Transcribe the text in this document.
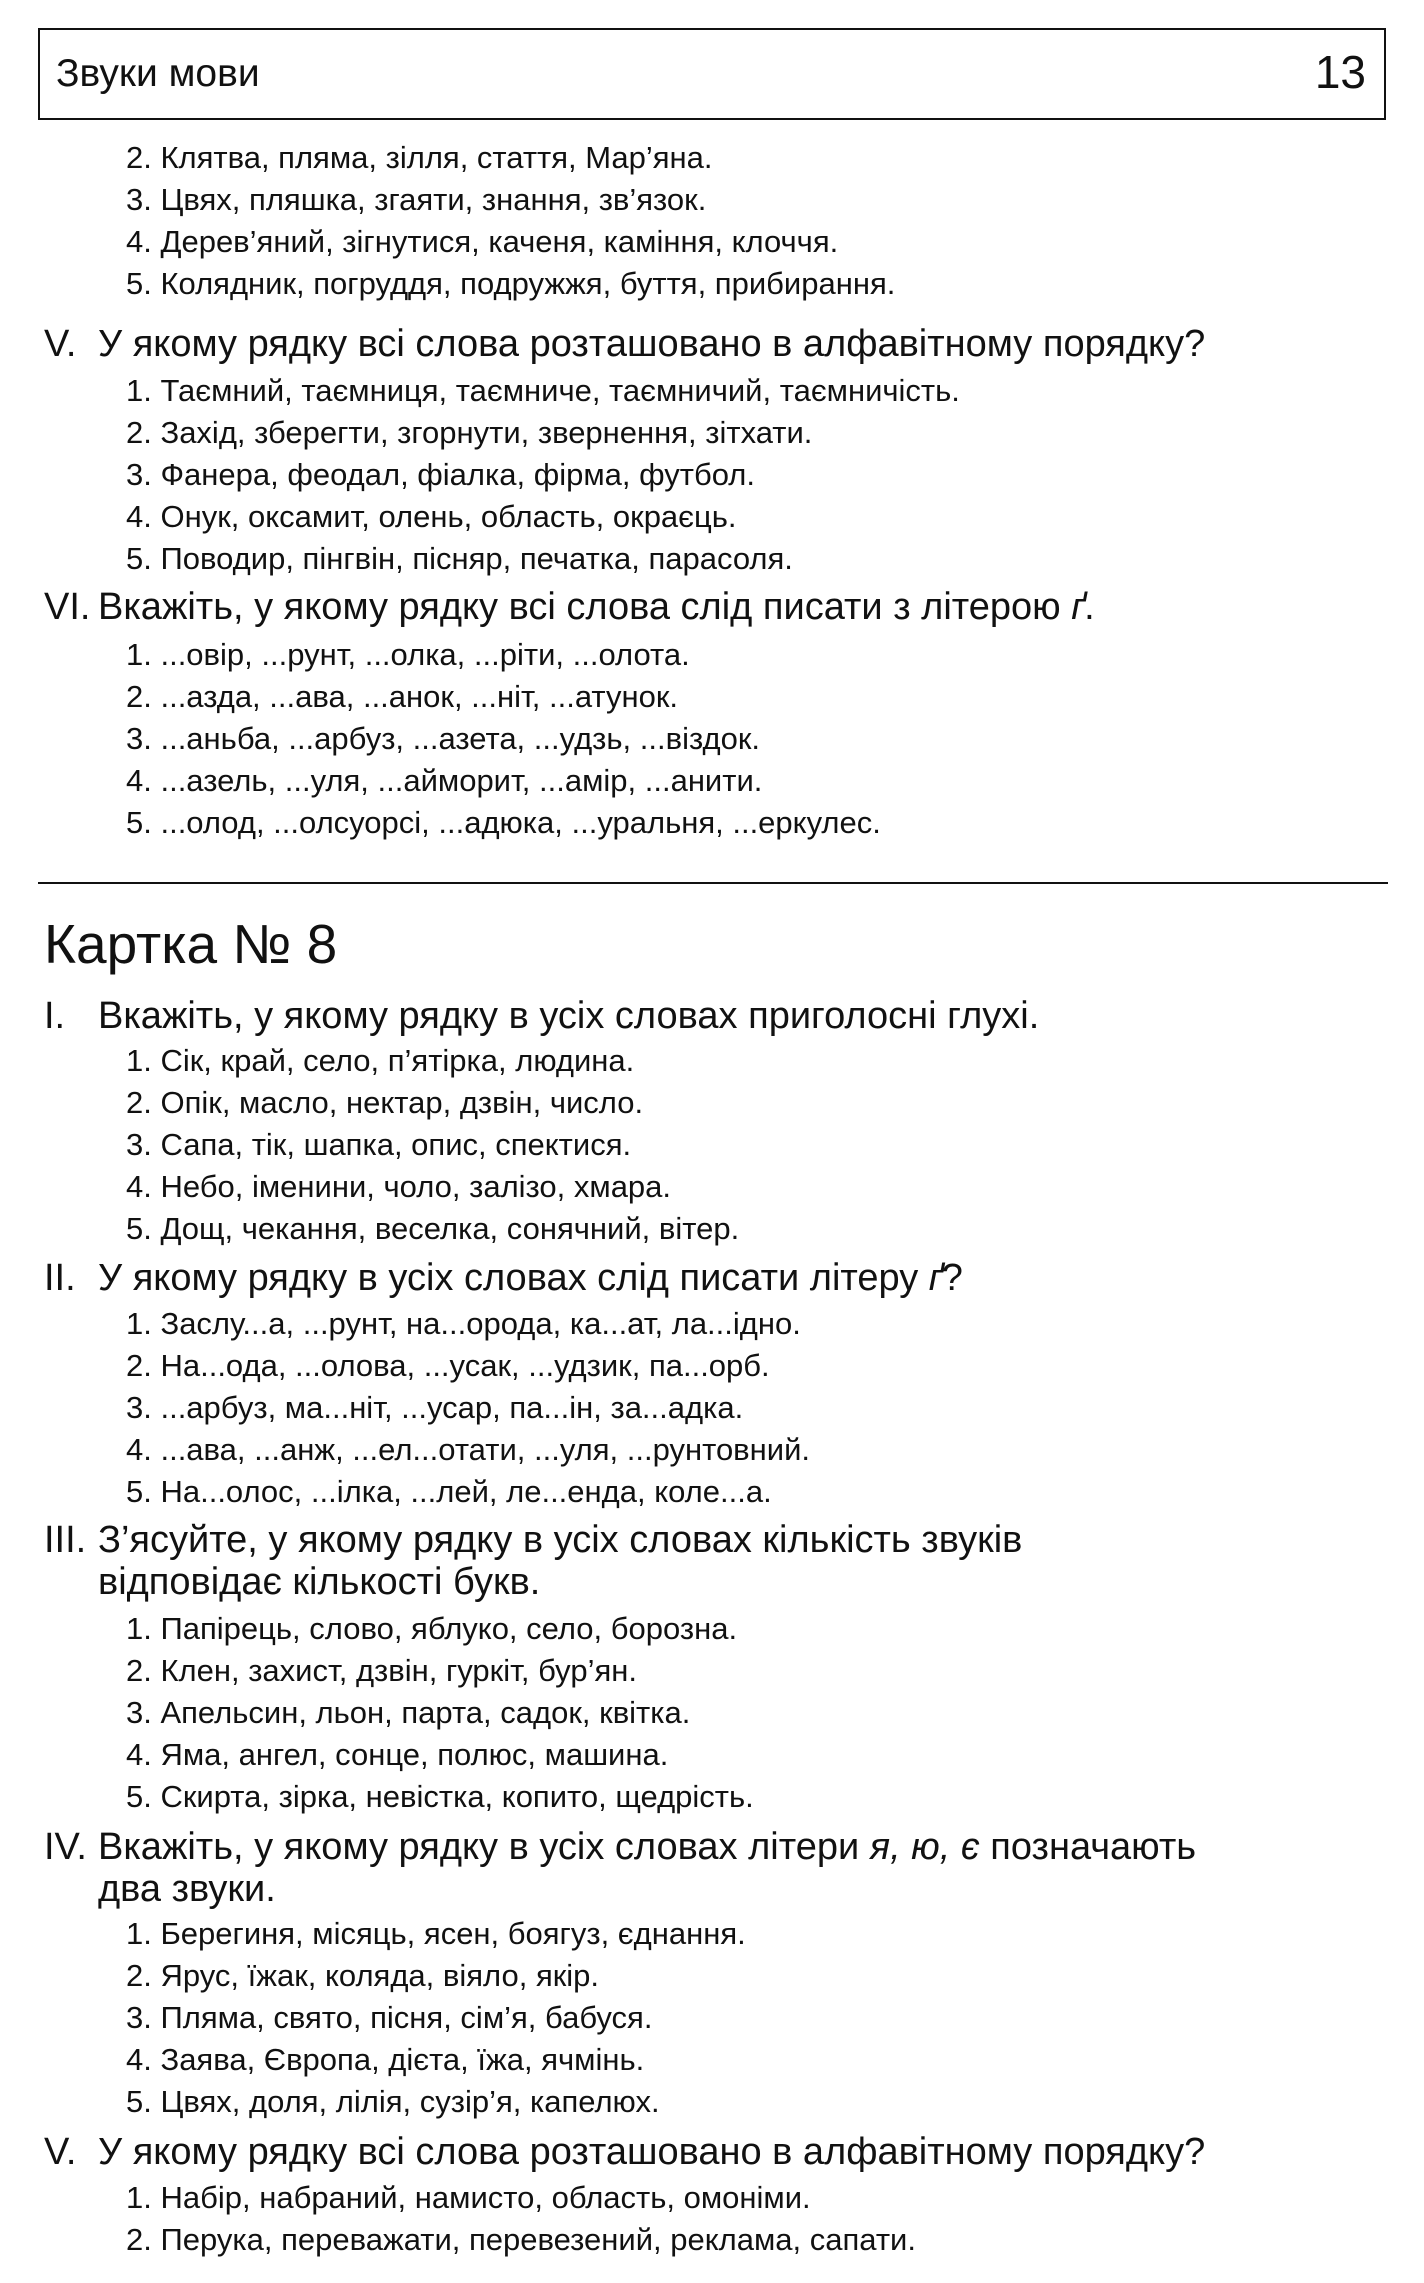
Звуки мови	13
2. Клятва, пляма, зілля, стаття, Мар’яна.
3. Цвях, пляшка, згаяти, знання, зв’язок.
4. Дерев’яний, зігнутися, каченя, каміння, клоччя.
5. Колядник, погруддя, подружжя, буття, прибирання.
V. У якому рядку всі слова розташовано в алфавітному порядку?
1. Таємний, таємниця, таємниче, таємничий, таємничість.
2. Захід, зберегти, згорнути, звернення, зітхати.
3. Фанера, феодал, фіалка, фірма, футбол.
4. Онук, оксамит, олень, область, окраєць.
5. Поводир, пінгвін, пісняр, печатка, парасоля.
VI. Вкажіть, у якому рядку всі слова слід писати з літерою ґ.
1. ...овір, ...рунт, ...олка, ...ріти, ...олота.
2. ...азда, ...ава, ...анок, ...ніт, ...атунок.
3. ...аньба, ...арбуз, ...азета, ...удзь, ...віздок.
4. ...азель, ...уля, ...айморит, ...амір, ...анити.
5. ...олод, ...олсуорсі, ...адюка, ...уральня, ...еркулес.
Картка № 8
I. Вкажіть, у якому рядку в усіх словах приголосні глухі.
1. Сік, край, село, п’ятірка, людина.
2. Опік, масло, нектар, дзвін, число.
3. Сапа, тік, шапка, опис, спектися.
4. Небо, іменини, чоло, залізо, хмара.
5. Дощ, чекання, веселка, сонячний, вітер.
II. У якому рядку в усіх словах слід писати літеру ґ?
1. Заслу...а, ...рунт, на...орода, ка...ат, ла...ідно.
2. На...ода, ...олова, ...усак, ...удзик, па...орб.
3. ...арбуз, ма...ніт, ...усар, па...ін, за...адка.
4. ...ава, ...анж, ...ел...отати, ...уля, ...рунтовний.
5. На...олос, ...ілка, ...лей, ле...енда, коле...а.
III. З’ясуйте, у якому рядку в усіх словах кількість звуків
відповідає кількості букв.
1. Папірець, слово, яблуко, село, борозна.
2. Клен, захист, дзвін, гуркіт, бур’ян.
3. Апельсин, льон, парта, садок, квітка.
4. Яма, ангел, сонце, полюс, машина.
5. Скирта, зірка, невістка, копито, щедрість.
IV. Вкажіть, у якому рядку в усіх словах літери я, ю, є позначають
два звуки.
1. Берегиня, місяць, ясен, боягуз, єднання.
2. Ярус, їжак, коляда, віяло, якір.
3. Пляма, свято, пісня, сім’я, бабуся.
4. Заява, Європа, дієта, їжа, ячмінь.
5. Цвях, доля, лілія, сузір’я, капелюх.
V. У якому рядку всі слова розташовано в алфавітному порядку?
1. Набір, набраний, намисто, область, омоніми.
2. Перука, переважати, перевезений, реклама, сапати.
